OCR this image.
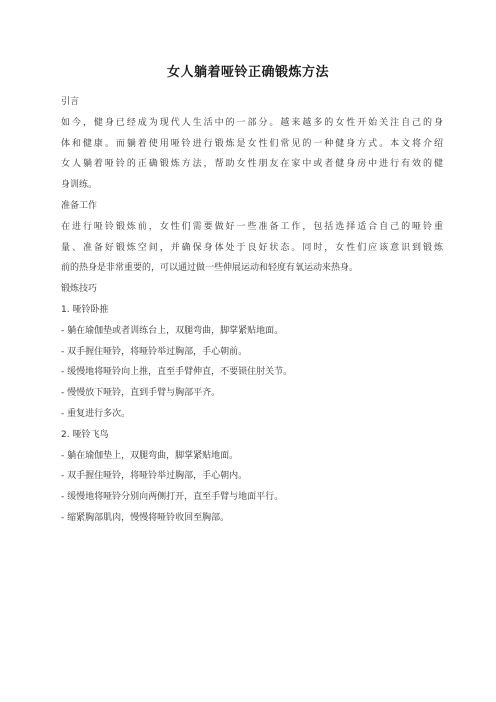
女人躺着哑铃正确锻炼方法
引言
如今，健身已经成为现代人生活中的一部分。越来越多的女性开始关注自己的身
体和健康。而躺着使用哑铃进行锻炼是女性们常见的一种健身方式。本文将介绍
女人躺着哑铃的正确锻炼方法，帮助女性朋友在家中或者健身房中进行有效的健
身训练。
准备工作
在进行哑铃锻炼前，女性们需要做好一些准备工作，包括选择适合自己的哑铃重
量、准备好锻炼空间，并确保身体处于良好状态。同时，女性们应该意识到锻炼
前的热身是非常重要的，可以通过做一些伸展运动和轻度有氧运动来热身。
锻炼技巧
1. 哑铃卧推
- 躺在瑜伽垫或者训练台上，双腿弯曲，脚掌紧贴地面。
- 双手握住哑铃，将哑铃举过胸部，手心朝前。
- 缓慢地将哑铃向上推，直至手臂伸直，不要锁住肘关节。
- 慢慢放下哑铃，直到手臂与胸部平齐。
- 重复进行多次。
2. 哑铃飞鸟
- 躺在瑜伽垫上，双腿弯曲，脚掌紧贴地面。
- 双手握住哑铃，将哑铃举过胸部，手心朝内。
- 缓慢地将哑铃分别向两侧打开，直至手臂与地面平行。
- 缩紧胸部肌肉，慢慢将哑铃收回至胸部。
